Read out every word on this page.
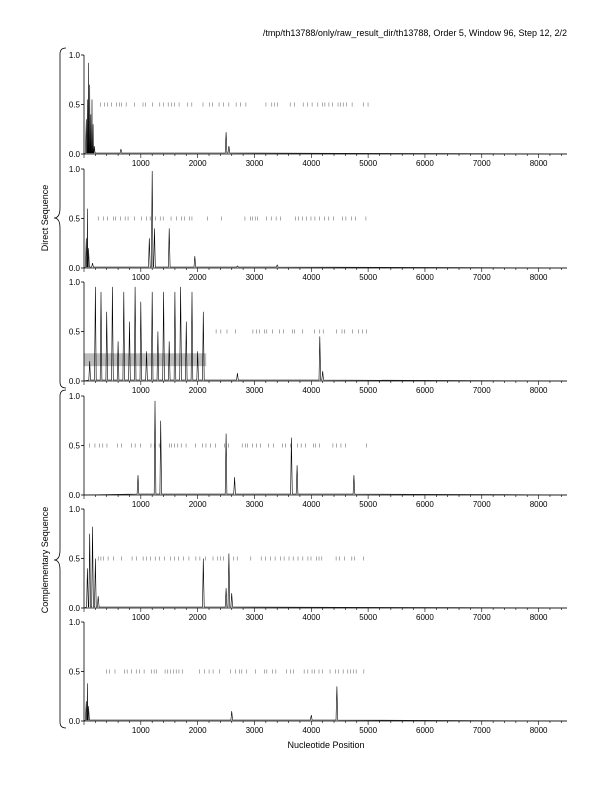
/tmp/th13788/only/raw_result_dir/th13788, Order 5, Window 96, Step 12, 2/2
Direct Sequence
Complementary Sequence
0.0
0.5
1.0
1000	2000	3000	4000	5000	6000	7000	8000
0.0
0.5
1.0
1000	2000	3000	4000	5000	6000	7000	8000
0.0
0.5
1.0
1000	2000	3000	4000	5000	6000	7000	8000
0.0
0.5
1.0
1000	2000	3000	4000	5000	6000	7000	8000
0.0
0.5
1.0
1000	2000	3000	4000	5000	6000	7000	8000
0.0
0.5
1.0
1000	2000	3000	4000	5000	6000	7000	8000
Nucleotide Position
